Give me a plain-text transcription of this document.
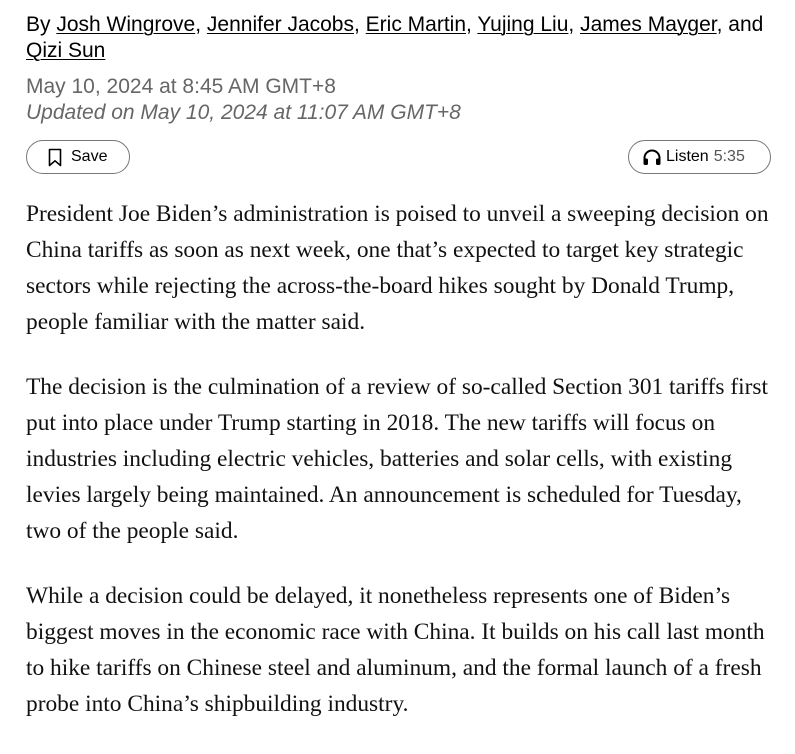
By Josh Wingrove, Jennifer Jacobs, Eric Martin, Yujing Liu, James Mayger, and Qizi Sun
May 10, 2024 at 8:45 AM GMT+8
Updated on May 10, 2024 at 11:07 AM GMT+8
Save	Listen 5:35

President Joe Biden’s administration is poised to unveil a sweeping decision on China tariffs as soon as next week, one that’s expected to target key strategic sectors while rejecting the across-the-board hikes sought by Donald Trump, people familiar with the matter said.

The decision is the culmination of a review of so-called Section 301 tariffs first put into place under Trump starting in 2018. The new tariffs will focus on industries including electric vehicles, batteries and solar cells, with existing levies largely being maintained. An announcement is scheduled for Tuesday, two of the people said.

While a decision could be delayed, it nonetheless represents one of Biden’s biggest moves in the economic race with China. It builds on his call last month to hike tariffs on Chinese steel and aluminum, and the formal launch of a fresh probe into China’s shipbuilding industry.
